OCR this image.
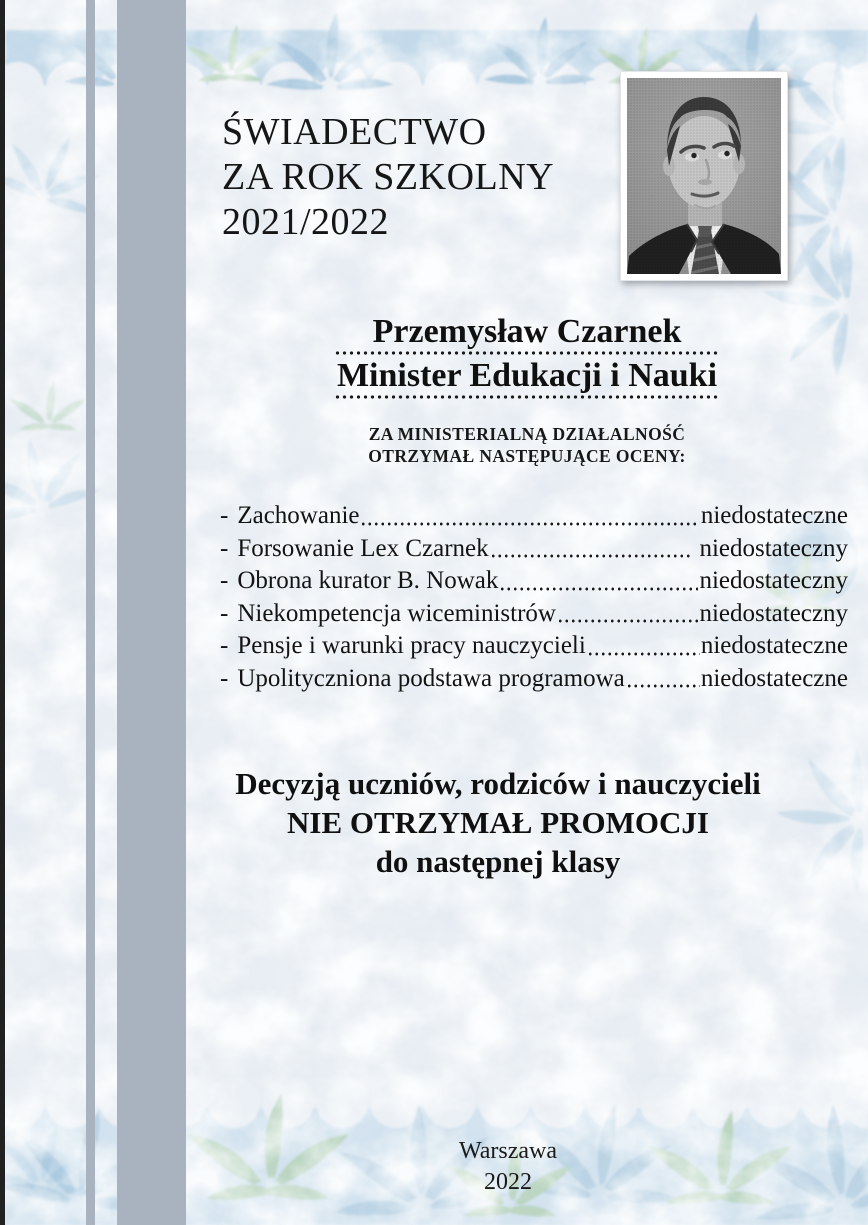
ŚWIADECTWO
ZA ROK SZKOLNY
2021/2022
Przemysław Czarnek
Minister Edukacji i Nauki
ZA MINISTERIALNĄ DZIAŁALNOŚĆ
OTRZYMAŁ NASTĘPUJĄCE OCENY:
- Zachowanie	niedostateczne
- Forsowanie Lex Czarnek	niedostateczny
- Obrona kurator B. Nowak	niedostateczny
- Niekompetencja wiceministrów	niedostateczny
- Pensje i warunki pracy nauczycieli	niedostateczne
- Upolityczniona podstawa programowa	niedostateczne
Decyzją uczniów, rodziców i nauczycieli
NIE OTRZYMAŁ PROMOCJI
do następnej klasy
Warszawa
2022
